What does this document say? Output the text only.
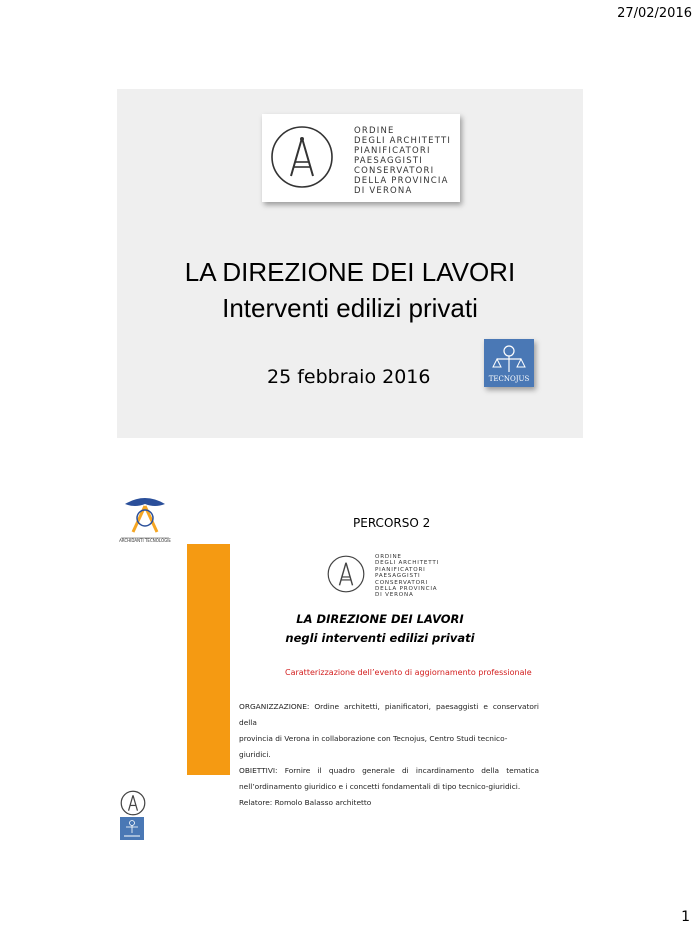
27/02/2016
ORDINE
DEGLI ARCHITETTI
PIANIFICATORI
PAESAGGISTI
CONSERVATORI
DELLA PROVINCIA
DI VERONA
LA DIREZIONE DEI LAVORI
Interventi edilizi privati
25 febbraio 2016	TECNOJUS
ARCHIDANTI TECNOLOGIE
PERCORSO 2
ORDINE
DEGLI ARCHITETTI
PIANIFICATORI
PAESAGGISTI
CONSERVATORI
DELLA PROVINCIA
DI VERONA
LA DIREZIONE DEI LAVORI
negli interventi edilizi privati
Caratterizzazione dell’evento di aggiornamento professionale

ORGANIZZAZIONE: Ordine architetti, pianificatori, paesaggisti e conservatori della

provincia di Verona in collaborazione con Tecnojus, Centro Studi tecnico-giuridici.

OBIETTIVI: Fornire il quadro generale di incardinamento della tematica

nell’ordinamento giuridico e i concetti fondamentali di tipo tecnico-giuridici.

Relatore: Romolo Balasso architetto

1
